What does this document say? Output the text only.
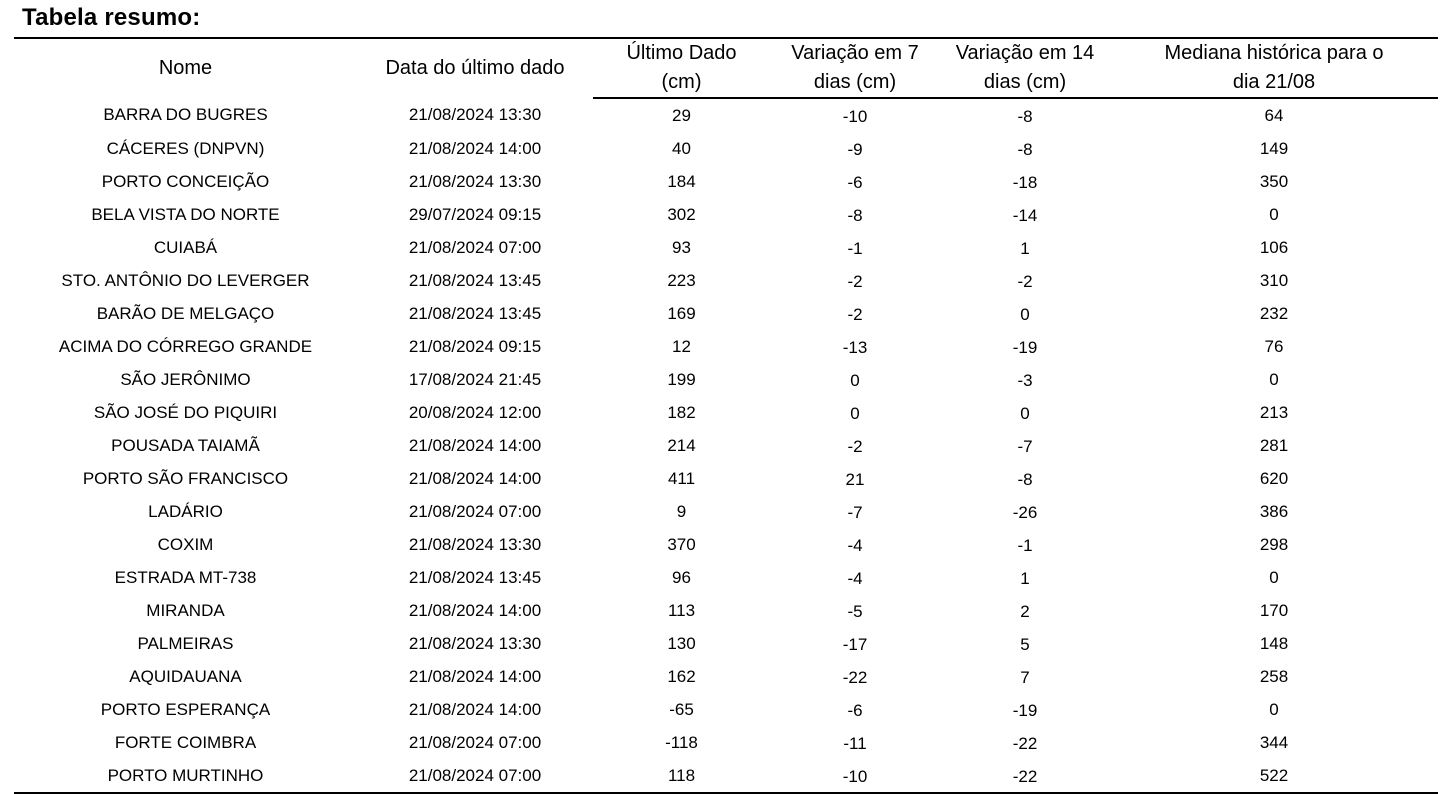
Tabela resumo:
Nome	Data do último dado	Último Dado	Variação em 7	Variação em 14	Mediana histórica para o
		(cm)	dias (cm)	dias (cm)	dia 21/08
BARRA DO BUGRES	21/08/2024 13:30	29	-10	-8	64
CÁCERES (DNPVN)	21/08/2024 14:00	40	-9	-8	149
PORTO CONCEIÇÃO	21/08/2024 13:30	184	-6	-18	350
BELA VISTA DO NORTE	29/07/2024 09:15	302	-8	-14	0
CUIABÁ	21/08/2024 07:00	93	-1	1	106
STO. ANTÔNIO DO LEVERGER	21/08/2024 13:45	223	-2	-2	310
BARÃO DE MELGAÇO	21/08/2024 13:45	169	-2	0	232
ACIMA DO CÓRREGO GRANDE	21/08/2024 09:15	12	-13	-19	76
SÃO JERÔNIMO	17/08/2024 21:45	199	0	-3	0
SÃO JOSÉ DO PIQUIRI	20/08/2024 12:00	182	0	0	213
POUSADA TAIAMÃ	21/08/2024 14:00	214	-2	-7	281
PORTO SÃO FRANCISCO	21/08/2024 14:00	411	21	-8	620
LADÁRIO	21/08/2024 07:00	9	-7	-26	386
COXIM	21/08/2024 13:30	370	-4	-1	298
ESTRADA MT-738	21/08/2024 13:45	96	-4	1	0
MIRANDA	21/08/2024 14:00	113	-5	2	170
PALMEIRAS	21/08/2024 13:30	130	-17	5	148
AQUIDAUANA	21/08/2024 14:00	162	-22	7	258
PORTO ESPERANÇA	21/08/2024 14:00	-65	-6	-19	0
FORTE COIMBRA	21/08/2024 07:00	-118	-11	-22	344
PORTO MURTINHO	21/08/2024 07:00	118	-10	-22	522
